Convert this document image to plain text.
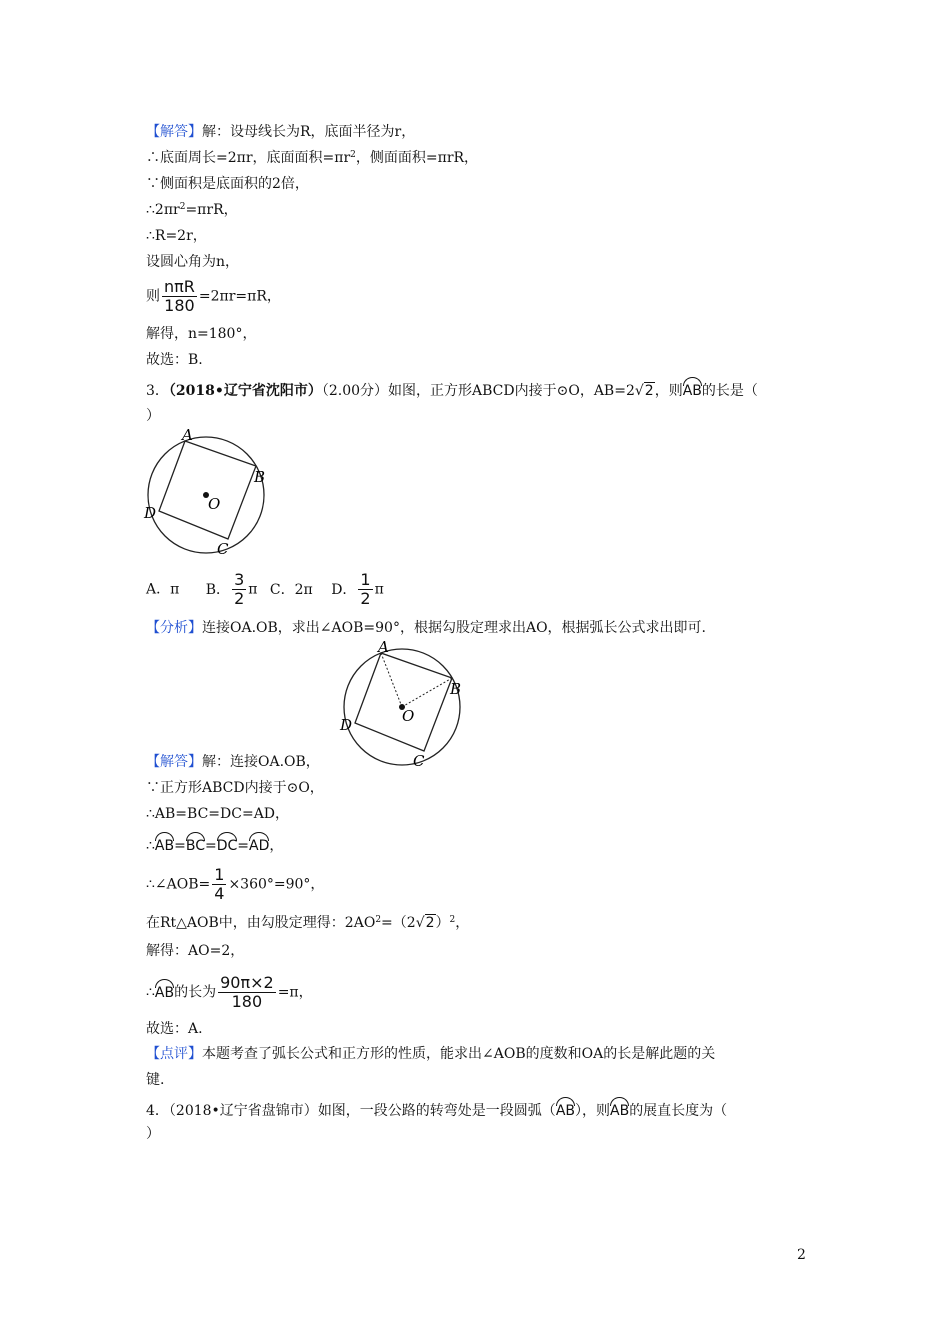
【解答】解：设母线长为R，底面半径为r，
∴底面周长=2πr，底面面积$=\pi r^2$，侧面面积=πrR，
∵侧面积是底面积的2倍，
$\therefore 2\pi r^2=\pi rR$，
∴R=2r，
设圆心角为n，
则 $\frac{\text{nπR}}{180} =2\pi r=\pi R$，
解得，n=180°，
故选：B.
3．（2018•辽宁省沈阳市）（2.00分）如图，正方形ABCD内接于⊙O，AB=2√2，则AB的长是（
）
A
B
C
D	O
A．π B． $\frac{3}{2}$ π C．2π D． $\frac{1}{2}$ π
【分析】连接OA.OB，求出∠AOB=90°，根据勾股定理求出AO，根据弧长公式求出即可.
A
B
C
D	O
【解答】解：连接OA.OB，
∵正方形ABCD内接于⊙O，
∴AB=BC=DC=AD，
∴AB=BC=DC=AD，
∴∠AOB= $\frac{1}{4} \times 360^\circ=90^\circ$，
在Rt△AOB中，由勾股定理得：$2AO^2=(2√2)^2$，
解得：AO=2，
∴AB的长为 $\frac{90\pi\times 2}{180} =\pi$，
故选：A.
【点评】本题考查了弧长公式和正方形的性质，能求出∠AOB的度数和OA的长是解此题的关
键.
4．（2018•辽宁省盘锦市）如图，一段公路的转弯处是一段圆弧（AB），则AB的展直长度为（
）
2
